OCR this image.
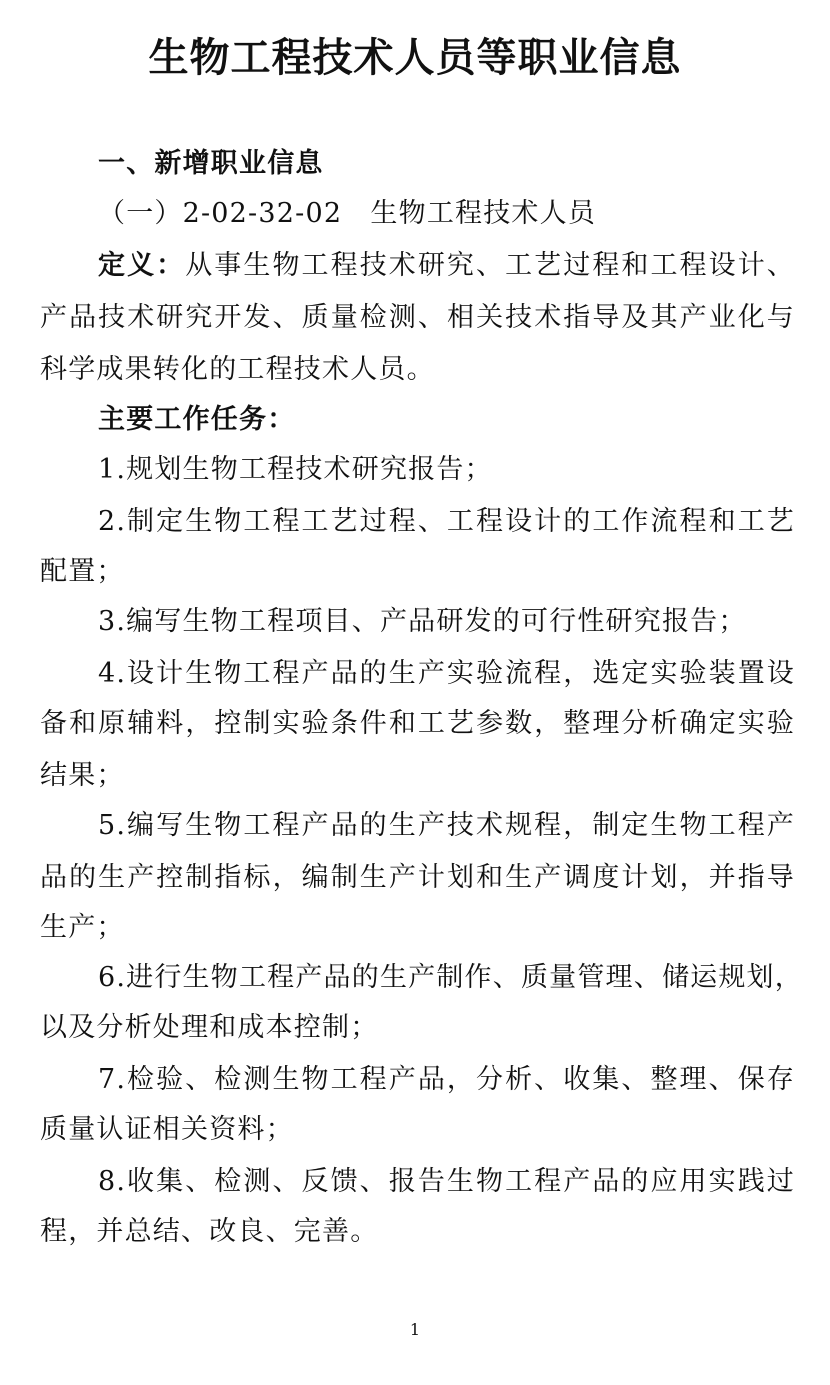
生物工程技术人员等职业信息
一、新增职业信息
（一）2-02-32-02　生物工程技术人员
定义：从事生物工程技术研究、工艺过程和工程设计、
产品技术研究开发、质量检测、相关技术指导及其产业化与
科学成果转化的工程技术人员。
主要工作任务：
1.规划生物工程技术研究报告；
2.制定生物工程工艺过程、工程设计的工作流程和工艺
配置；
3.编写生物工程项目、产品研发的可行性研究报告；
4.设计生物工程产品的生产实验流程，选定实验装置设
备和原辅料，控制实验条件和工艺参数，整理分析确定实验
结果；
5.编写生物工程产品的生产技术规程，制定生物工程产
品的生产控制指标，编制生产计划和生产调度计划，并指导
生产；
6.进行生物工程产品的生产制作、质量管理、储运规划，
以及分析处理和成本控制；
7.检验、检测生物工程产品，分析、收集、整理、保存
质量认证相关资料；
8.收集、检测、反馈、报告生物工程产品的应用实践过
程，并总结、改良、完善。
1
